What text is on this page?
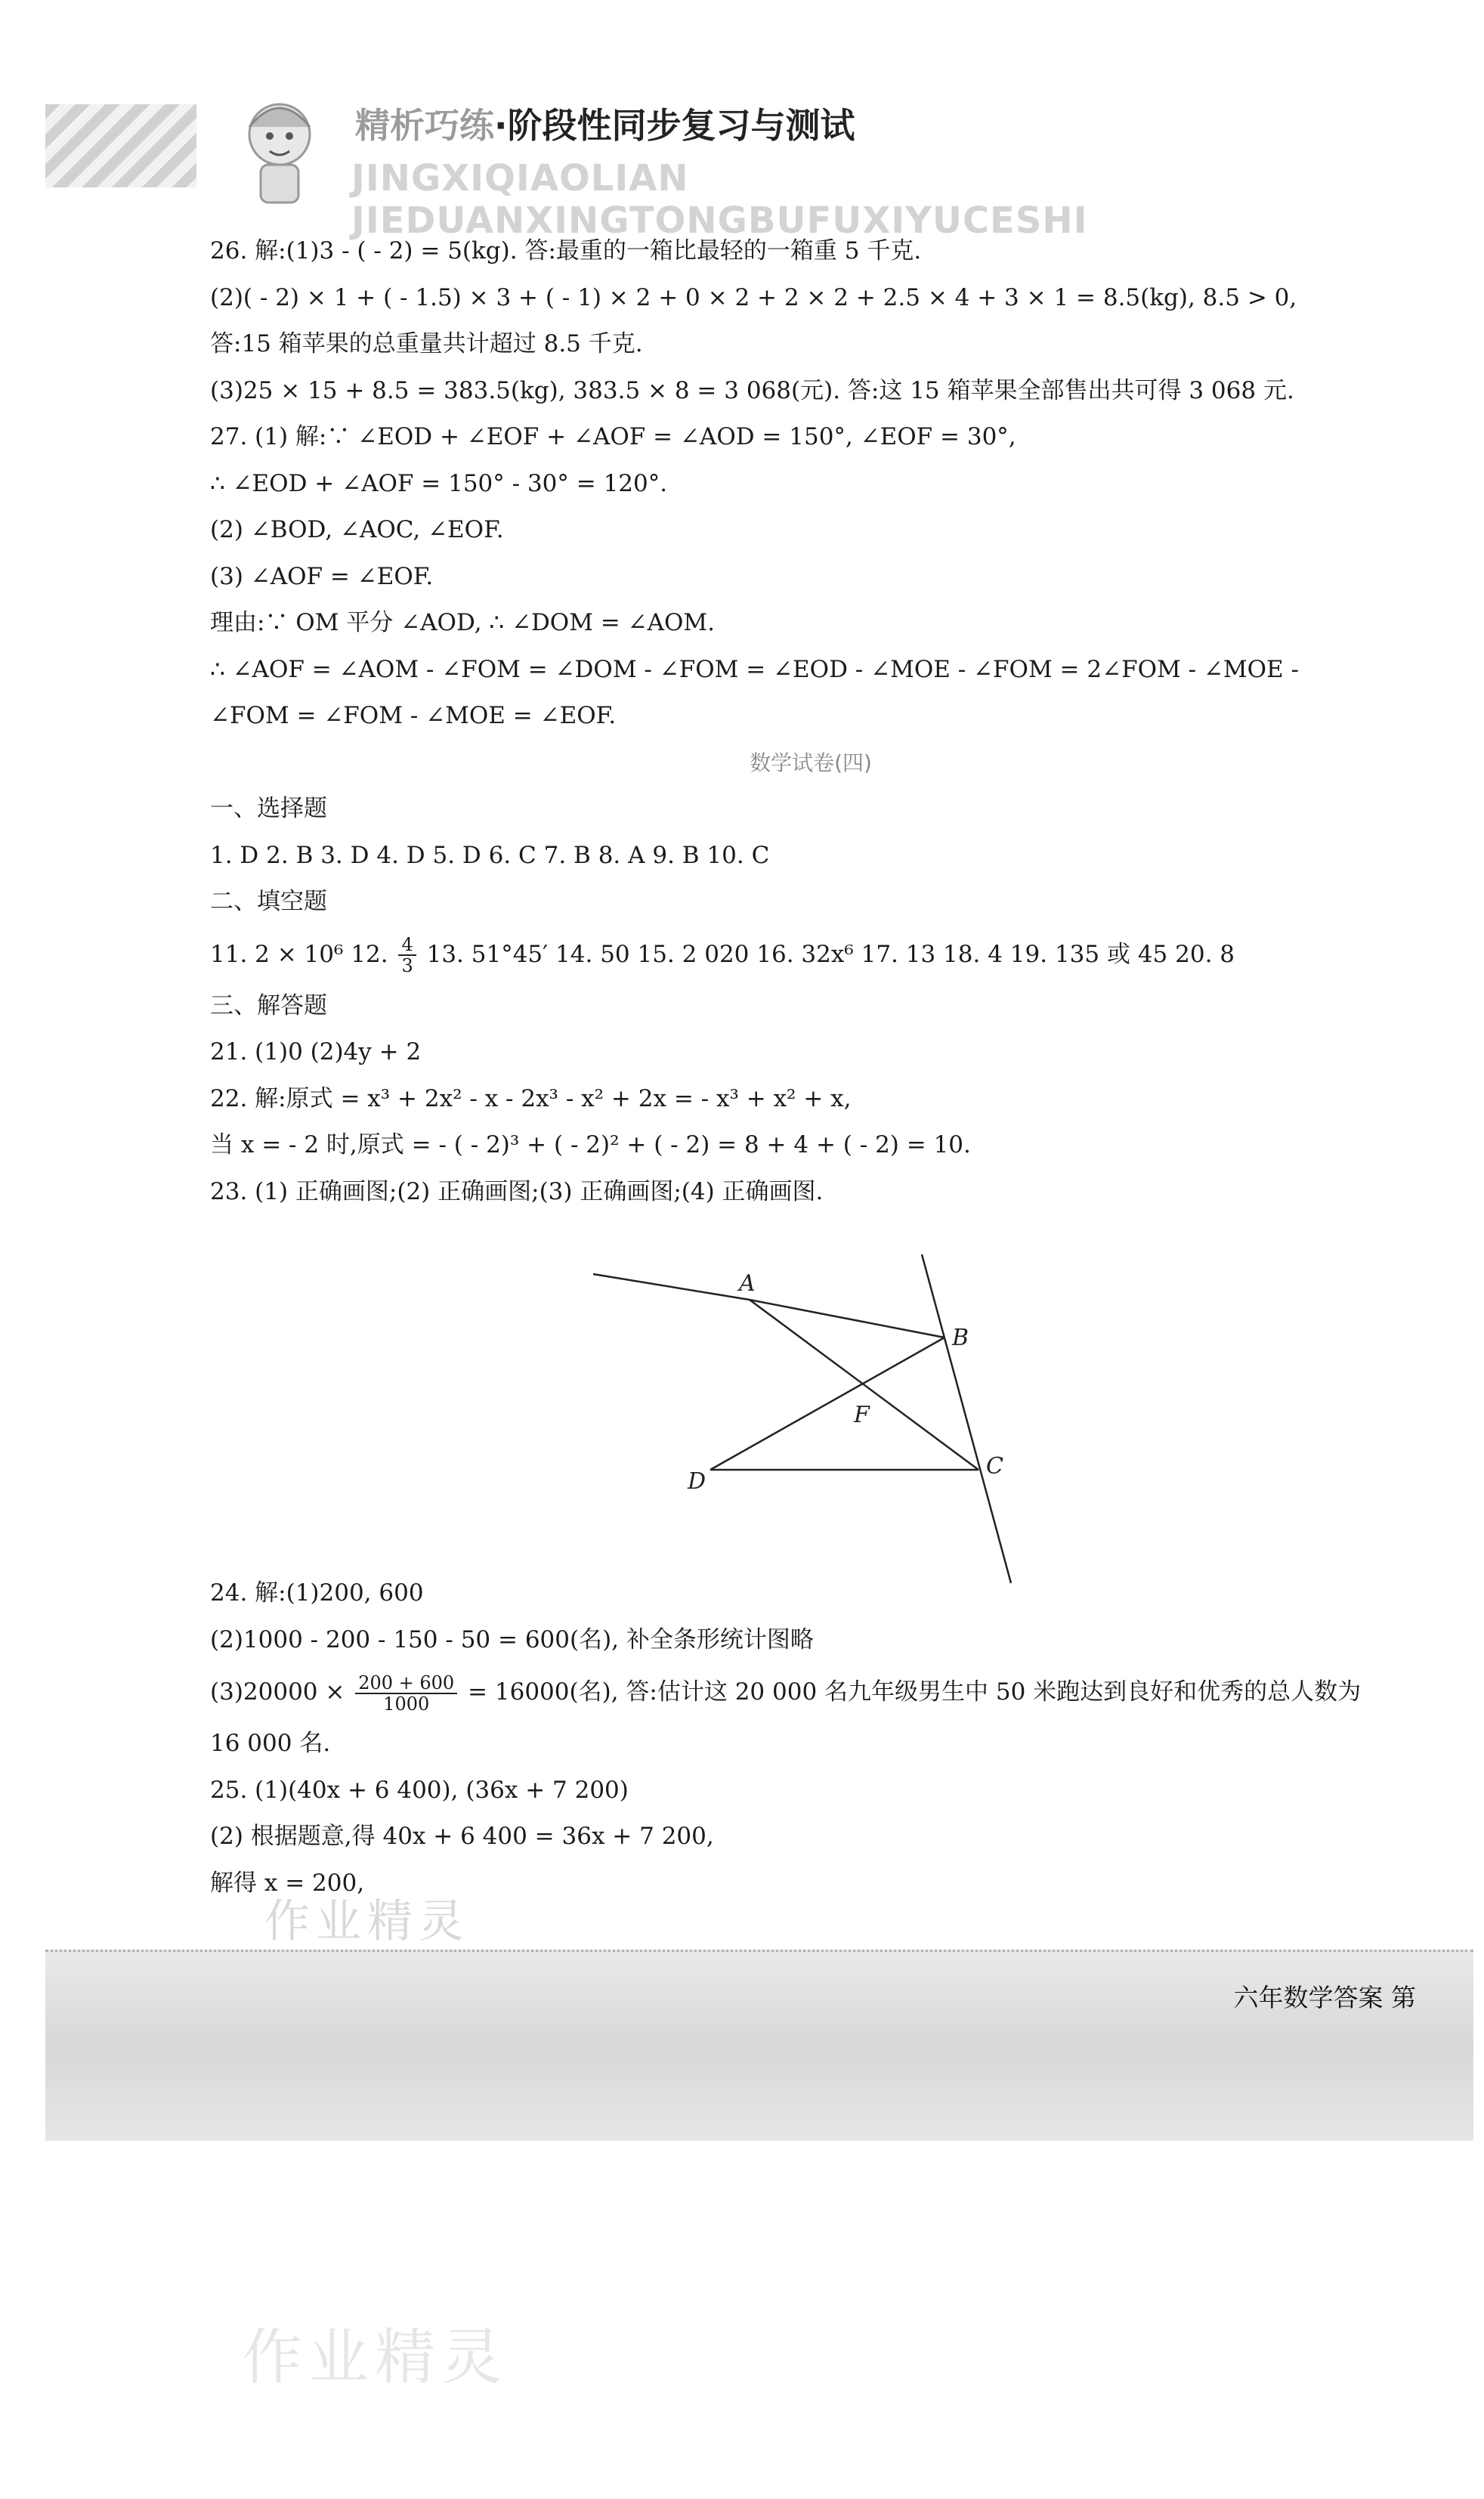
精析巧练·阶段性同步复习与测试
JINGXIQIAOLIAN JIEDUANXINGTONGBUFUXIYUCESHI
26. 解:(1)3 - ( - 2) = 5(kg). 答:最重的一箱比最轻的一箱重 5 千克.
(2)( - 2) × 1 + ( - 1.5) × 3 + ( - 1) × 2 + 0 × 2 + 2 × 2 + 2.5 × 4 + 3 × 1 = 8.5(kg), 8.5 > 0,
答:15 箱苹果的总重量共计超过 8.5 千克.
(3)25 × 15 + 8.5 = 383.5(kg), 383.5 × 8 = 3 068(元). 答:这 15 箱苹果全部售出共可得 3 068 元.
27. (1) 解:∵ ∠EOD + ∠EOF + ∠AOF = ∠AOD = 150°, ∠EOF = 30°,
∴ ∠EOD + ∠AOF = 150° - 30° = 120°.
(2) ∠BOD, ∠AOC, ∠EOF.
(3) ∠AOF = ∠EOF.
理由:∵ OM 平分 ∠AOD, ∴ ∠DOM = ∠AOM.
∴ ∠AOF = ∠AOM - ∠FOM = ∠DOM - ∠FOM = ∠EOD - ∠MOE - ∠FOM = 2∠FOM - ∠MOE -
∠FOM = ∠FOM - ∠MOE = ∠EOF.
数学试卷(四)
一、选择题
1. D 2. B 3. D 4. D 5. D 6. C 7. B 8. A 9. B 10. C
二、填空题
11. 2 × 10⁶ 12. $\frac{4}{3} 13$. 51°45′ 14. 50 15. 2 020 16. 32x⁶ 17. 13 18. 4 19. 135 或 45 20. 8
三、解答题
21. (1)0 (2)4y + 2
22. 解:原式 = x³ + 2x² - x - 2x³ - x² + 2x = - x³ + x² + x,
当 x = - 2 时,原式 = - ( - 2)³ + ( - 2)² + ( - 2) = 8 + 4 + ( - 2) = 10.
23. (1) 正确画图;(2) 正确画图;(3) 正确画图;(4) 正确画图.
24. 解:(1)200, 600
(2)1000 - 200 - 150 - 50 = 600(名), 补全条形统计图略
$(3)20000 \times \frac{200 + 600}{1000} = 16000$(名), 答:估计这 20 000 名九年级男生中 50 米跑达到良好和优秀的总人数为
16 000 名.
25. (1)(40x + 6 400), (36x + 7 200)
(2) 根据题意,得 40x + 6 400 = 36x + 7 200,
解得 x = 200,
A
B
C
D
F
六年数学答案 第
作业精灵
作业精灵
